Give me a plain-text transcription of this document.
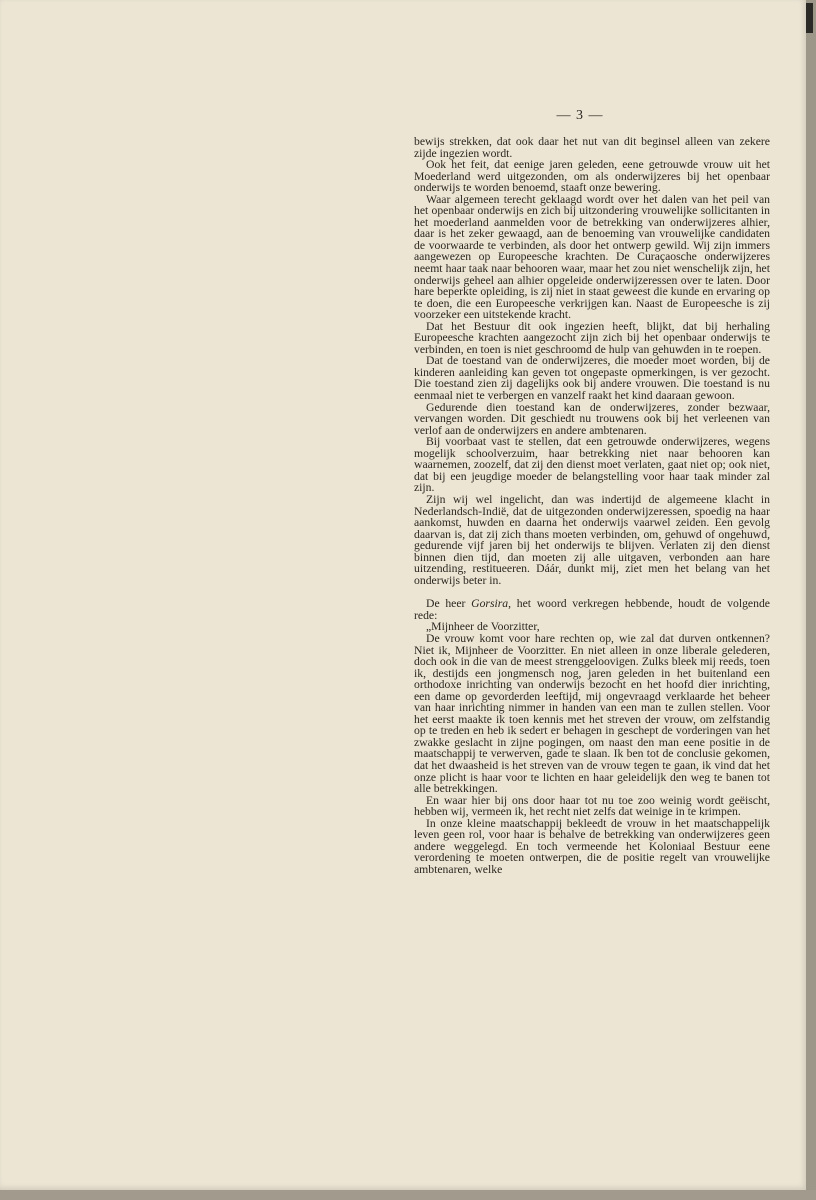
— 3 —

bewijs strekken, dat ook daar het nut van dit beginsel alleen van zekere zijde ingezien wordt.

Ook het feit, dat eenige jaren geleden, eene getrouwde vrouw uit het Moederland werd uitgezonden, om als onderwijzeres bij het openbaar onderwijs te worden benoemd, staaft onze bewering.

Waar algemeen terecht geklaagd wordt over het dalen van het peil van het openbaar onderwijs en zich bij uitzondering vrouwelijke sollicitanten in het moederland aanmelden voor de betrekking van onderwijzeres alhier, daar is het zeker gewaagd, aan de benoeming van vrouwelijke candidaten de voorwaarde te verbinden, als door het ontwerp gewild. Wij zijn immers aangewezen op Europeesche krachten. De Curaçaosche onderwijzeres neemt haar taak naar behooren waar, maar het zou niet wenschelijk zijn, het onderwijs geheel aan alhier opgeleide onderwijzeressen over te laten. Door hare beperkte opleiding, is zij niet in staat geweest die kunde en ervaring op te doen, die een Europeesche verkrijgen kan. Naast de Europeesche is zij voorzeker een uitstekende kracht.

Dat het Bestuur dit ook ingezien heeft, blijkt, dat bij herhaling Europeesche krachten aangezocht zijn zich bij het openbaar onderwijs te verbinden, en toen is niet geschroomd de hulp van gehuwden in te roepen.

Dat de toestand van de onderwijzeres, die moeder moet worden, bij de kinderen aanleiding kan geven tot ongepaste opmerkingen, is ver gezocht. Die toestand zien zij dagelijks ook bij andere vrouwen. Die toestand is nu eenmaal niet te verbergen en vanzelf raakt het kind daaraan gewoon.

Gedurende dien toestand kan de onderwijzeres, zonder bezwaar, vervangen worden. Dit geschiedt nu trouwens ook bij het verleenen van verlof aan de onderwijzers en andere ambtenaren.

Bij voorbaat vast te stellen, dat een getrouwde onderwijzeres, wegens mogelijk schoolverzuim, haar betrekking niet naar behooren kan waarnemen, zoozelf, dat zij den dienst moet verlaten, gaat niet op; ook niet, dat bij een jeugdige moeder de belangstelling voor haar taak minder zal zijn.

Zijn wij wel ingelicht, dan was indertijd de algemeene klacht in Nederlandsch-Indië, dat de uitgezonden onderwijzeressen, spoedig na haar aankomst, huwden en daarna het onderwijs vaarwel zeiden. Een gevolg daarvan is, dat zij zich thans moeten verbinden, om, gehuwd of ongehuwd, gedurende vijf jaren bij het onderwijs te blijven. Verlaten zij den dienst binnen dien tijd, dan moeten zij alle uitgaven, verbonden aan hare uitzending, restitueeren. Dáár, dunkt mij, ziet men het belang van het onderwijs beter in.

De heer Gorsira, het woord verkregen hebbende, houdt de volgende rede:

„Mijnheer de Voorzitter,

De vrouw komt voor hare rechten op, wie zal dat durven ontkennen? Niet ik, Mijnheer de Voorzitter. En niet alleen in onze liberale gelederen, doch ook in die van de meest strenggeloovigen. Zulks bleek mij reeds, toen ik, destijds een jongmensch nog, jaren geleden in het buitenland een orthodoxe inrichting van onderwijs bezocht en het hoofd dier inrichting, een dame op gevorderden leeftijd, mij ongevraagd verklaarde het beheer van haar inrichting nimmer in handen van een man te zullen stellen. Voor het eerst maakte ik toen kennis met het streven der vrouw, om zelfstandig op te treden en heb ik sedert er behagen in geschept de vorderingen van het zwakke geslacht in zijne pogingen, om naast den man eene positie in de maatschappij te verwerven, gade te slaan. Ik ben tot de conclusie gekomen, dat het dwaasheid is het streven van de vrouw tegen te gaan, ik vind dat het onze plicht is haar voor te lichten en haar geleidelijk den weg te banen tot alle betrekkingen.

En waar hier bij ons door haar tot nu toe zoo weinig wordt geëischt, hebben wij, vermeen ik, het recht niet zelfs dat weinige in te krimpen.

In onze kleine maatschappij bekleedt de vrouw in het maatschappelijk leven geen rol, voor haar is behalve de betrekking van onderwijzeres geen andere weggelegd. En toch vermeende het Koloniaal Bestuur eene verordening te moeten ontwerpen, die de positie regelt van vrouwelijke ambtenaren, welke
